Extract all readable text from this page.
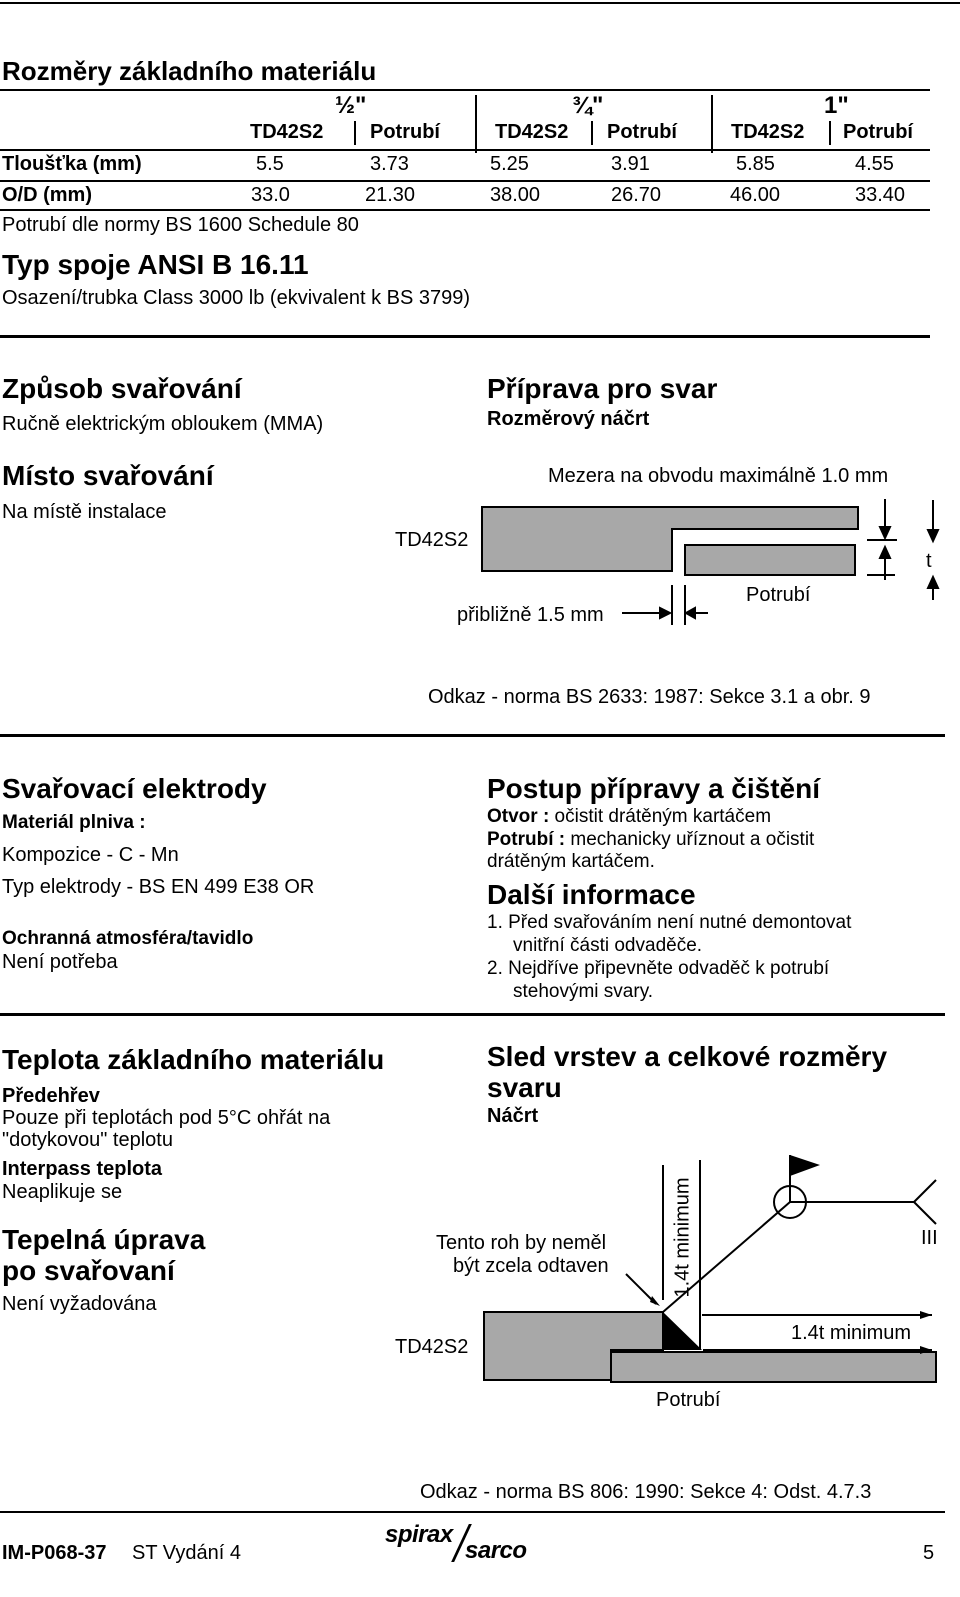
Rozměry základního materiálu
½"	¾"	1"
TD42S2 Potrubí	TD42S2 Potrubí	TD42S2 Potrubí
Tloušťka (mm)	5.5	3.73	5.25	3.91	5.85	4.55
O/D (mm)	33.0	21.30	38.00	26.70	46.00	33.40
Potrubí dle normy BS 1600 Schedule 80
Typ spoje ANSI B 16.11
Osazení/trubka Class 3000 lb (ekvivalent k BS 3799)
Způsob svařování
Ručně elektrickým obloukem (MMA)
Místo svařování
Na místě instalace
Příprava pro svar
Rozměrový náčrt
Mezera na obvodu maximálně 1.0 mm
TD42S2
Potrubí
přibližně 1.5 mm
t
Odkaz - norma BS 2633: 1987: Sekce 3.1 a obr. 9
Svařovací elektrody
Materiál plniva :
Kompozice - C - Mn
Typ elektrody - BS EN 499 E38 OR
Ochranná atmosféra/tavidlo
Není potřeba
Postup přípravy a čištění
Otvor : očistit drátěným kartáčem
Potrubí : mechanicky uříznout a očistit
drátěným kartáčem.
Další informace
1. Před svařováním není nutné demontovat
vnitřní části odvaděče.
2. Nejdříve připevněte odvaděč k potrubí
stehovými svary.
Teplota základního materiálu
Předehřev
Pouze při teplotách pod 5°C ohřát na
"dotykovou" teplotu
Interpass teplota
Neaplikuje se
Tepelná úprava
po svařovaní
Není vyžadována
Sled vrstev a celkové rozměry
svaru
Náčrt
Tento roh by neměl
být zcela odtaven	1.4t minimum
1.4t minimum
TD42S2
Potrubí
III
Odkaz - norma BS 806: 1990: Sekce 4: Odst. 4.7.3
IM-P068-37 ST Vydání 4
spirax
sarco	5
